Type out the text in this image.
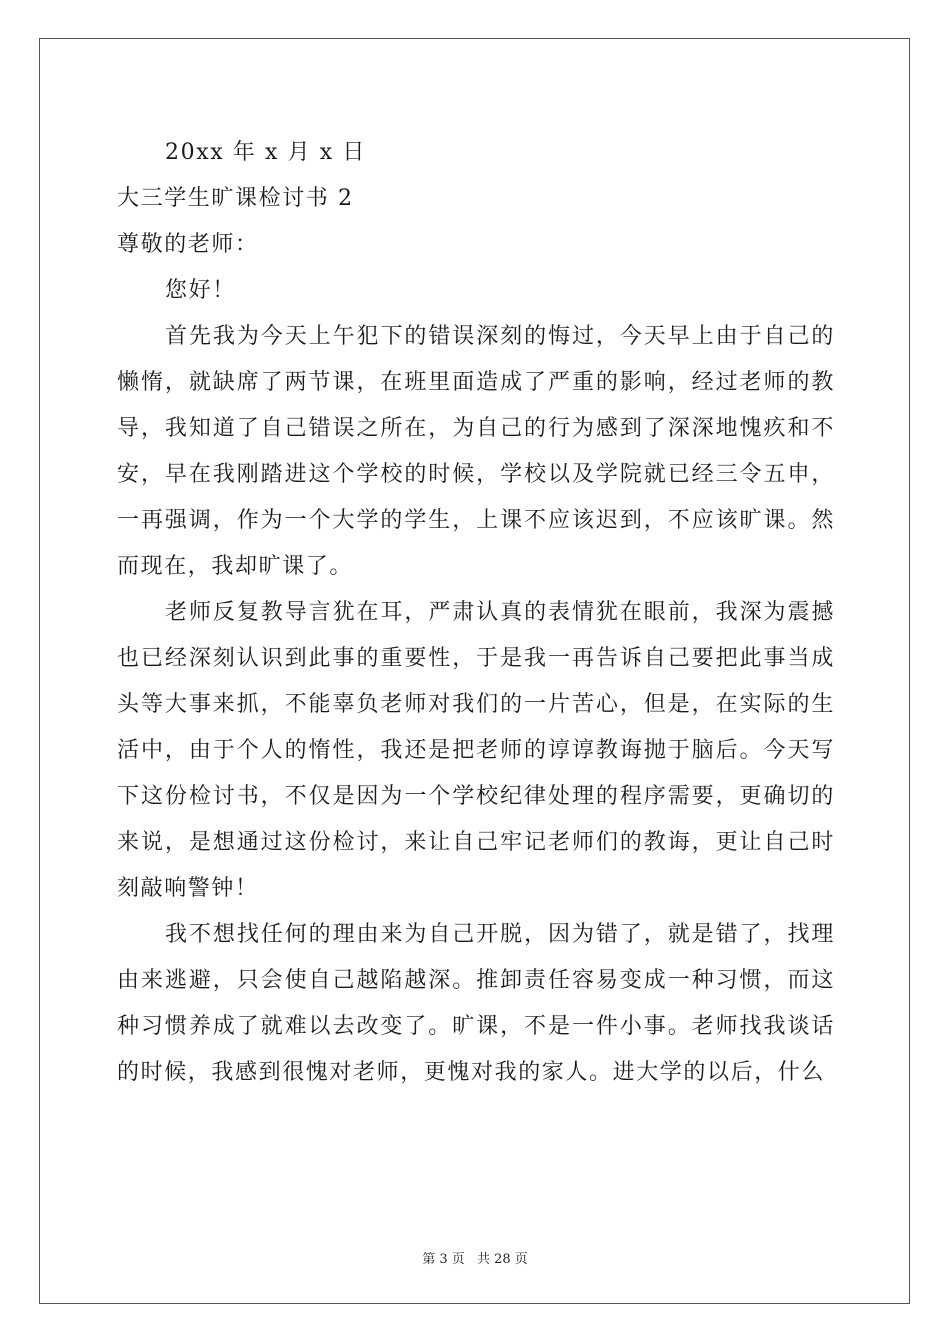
20xx 年 x 月 x 日

大三学生旷课检讨书 2

尊敬的老师：

您好！

首先我为今天上午犯下的错误深刻的悔过，今天早上由于自己的懒惰，就缺席了两节课，在班里面造成了严重的影响，经过老师的教导，我知道了自己错误之所在，为自己的行为感到了深深地愧疚和不安，早在我刚踏进这个学校的时候，学校以及学院就已经三令五申，一再强调，作为一个大学的学生，上课不应该迟到，不应该旷课。然而现在，我却旷课了。

老师反复教导言犹在耳，严肃认真的表情犹在眼前，我深为震撼也已经深刻认识到此事的重要性，于是我一再告诉自己要把此事当成头等大事来抓，不能辜负老师对我们的一片苦心，但是，在实际的生活中，由于个人的惰性，我还是把老师的谆谆教诲抛于脑后。今天写下这份检讨书，不仅是因为一个学校纪律处理的程序需要，更确切的来说，是想通过这份检讨，来让自己牢记老师们的教诲，更让自己时刻敲响警钟！

我不想找任何的理由来为自己开脱，因为错了，就是错了，找理由来逃避，只会使自己越陷越深。推卸责任容易变成一种习惯，而这种习惯养成了就难以去改变了。旷课，不是一件小事。老师找我谈话的时候，我感到很愧对老师，更愧对我的家人。进大学的以后，什么

第 3 页 共 28 页
